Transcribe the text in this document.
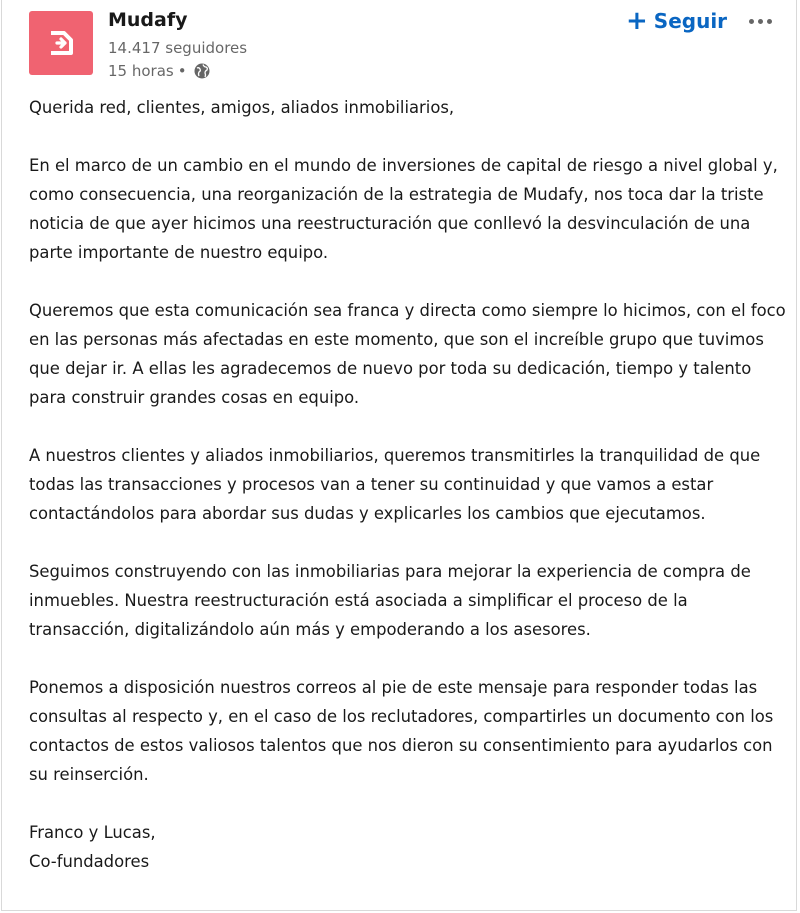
Mudafy
14.417 seguidores
15 horas •
+ Seguir

Querida red, clientes, amigos, aliados inmobiliarios,

En el marco de un cambio en el mundo de inversiones de capital de riesgo a nivel global y, como consecuencia, una reorganización de la estrategia de Mudafy, nos toca dar la triste noticia de que ayer hicimos una reestructuración que conllevó la desvinculación de una parte importante de nuestro equipo.

Queremos que esta comunicación sea franca y directa como siempre lo hicimos, con el foco en las personas más afectadas en este momento, que son el increíble grupo que tuvimos que dejar ir. A ellas les agradecemos de nuevo por toda su dedicación, tiempo y talento para construir grandes cosas en equipo.

A nuestros clientes y aliados inmobiliarios, queremos transmitirles la tranquilidad de que todas las transacciones y procesos van a tener su continuidad y que vamos a estar contactándolos para abordar sus dudas y explicarles los cambios que ejecutamos.

Seguimos construyendo con las inmobiliarias para mejorar la experiencia de compra de inmuebles. Nuestra reestructuración está asociada a simplificar el proceso de la transacción, digitalizándolo aún más y empoderando a los asesores.

Ponemos a disposición nuestros correos al pie de este mensaje para responder todas las consultas al respecto y, en el caso de los reclutadores, compartirles un documento con los contactos de estos valiosos talentos que nos dieron su consentimiento para ayudarlos con su reinserción.

Franco y Lucas,

Co-fundadores
